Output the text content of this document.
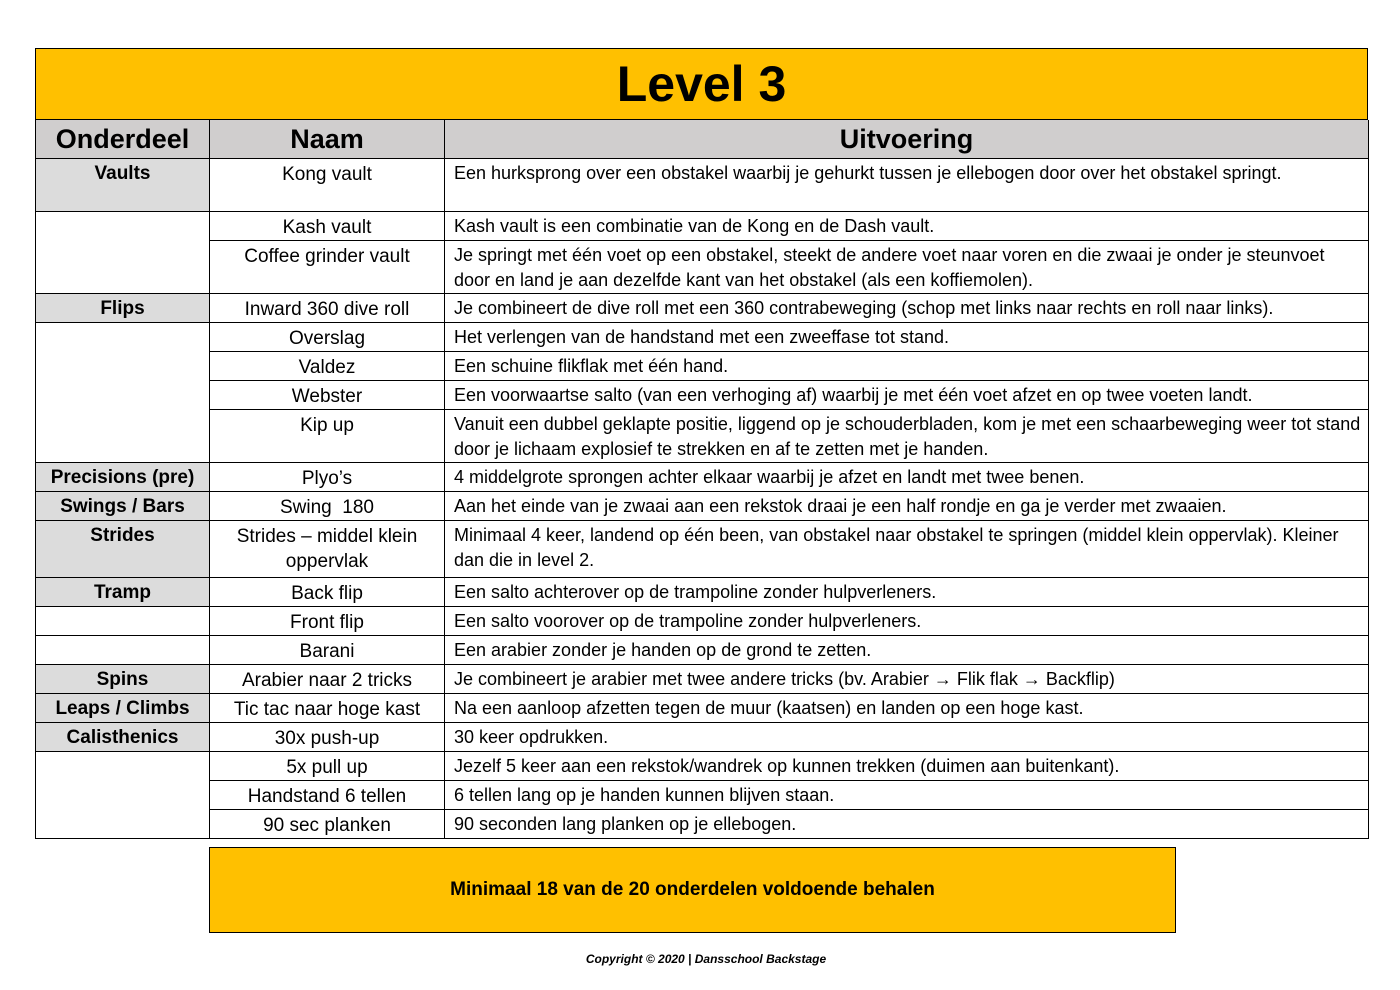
Level 3
Onderdeel	Naam	Uitvoering
Vaults	Kong vault	Een hurksprong over een obstakel waarbij je gehurkt tussen je ellebogen door over het obstakel springt.
	Kash vault	Kash vault is een combinatie van de Kong en de Dash vault.
	Coffee grinder vault	Je springt met één voet op een obstakel, steekt de andere voet naar voren en die zwaai je onder je steunvoet door en land je aan dezelfde kant van het obstakel (als een koffiemolen).
Flips	Inward 360 dive roll	Je combineert de dive roll met een 360 contrabeweging (schop met links naar rechts en roll naar links).
	Overslag	Het verlengen van de handstand met een zweeffase tot stand.
	Valdez	Een schuine flikflak met één hand.
	Webster	Een voorwaartse salto (van een verhoging af) waarbij je met één voet afzet en op twee voeten landt.
	Kip up	Vanuit een dubbel geklapte positie, liggend op je schouderbladen, kom je met een schaarbeweging weer tot stand door je lichaam explosief te strekken en af te zetten met je handen.
Precisions (pre)	Plyo’s	4 middelgrote sprongen achter elkaar waarbij je afzet en landt met twee benen.
Swings / Bars	Swing  180	Aan het einde van je zwaai aan een rekstok draai je een half rondje en ga je verder met zwaaien.
Strides	Strides – middel klein oppervlak	Minimaal 4 keer, landend op één been, van obstakel naar obstakel te springen (middel klein oppervlak). Kleiner dan die in level 2.
Tramp	Back flip	Een salto achterover op de trampoline zonder hulpverleners.
	Front flip	Een salto voorover op de trampoline zonder hulpverleners.
	Barani	Een arabier zonder je handen op de grond te zetten.
Spins	Arabier naar 2 tricks	Je combineert je arabier met twee andere tricks (bv. Arabier → Flik flak → Backflip)
Leaps / Climbs	Tic tac naar hoge kast	Na een aanloop afzetten tegen de muur (kaatsen) en landen op een hoge kast.
Calisthenics	30x push-up	30 keer opdrukken.
	5x pull up	Jezelf 5 keer aan een rekstok/wandrek op kunnen trekken (duimen aan buitenkant).
	Handstand 6 tellen	6 tellen lang op je handen kunnen blijven staan.
	90 sec planken	90 seconden lang planken op je ellebogen.
Minimaal 18 van de 20 onderdelen voldoende behalen
Copyright © 2020 | Dansschool Backstage
